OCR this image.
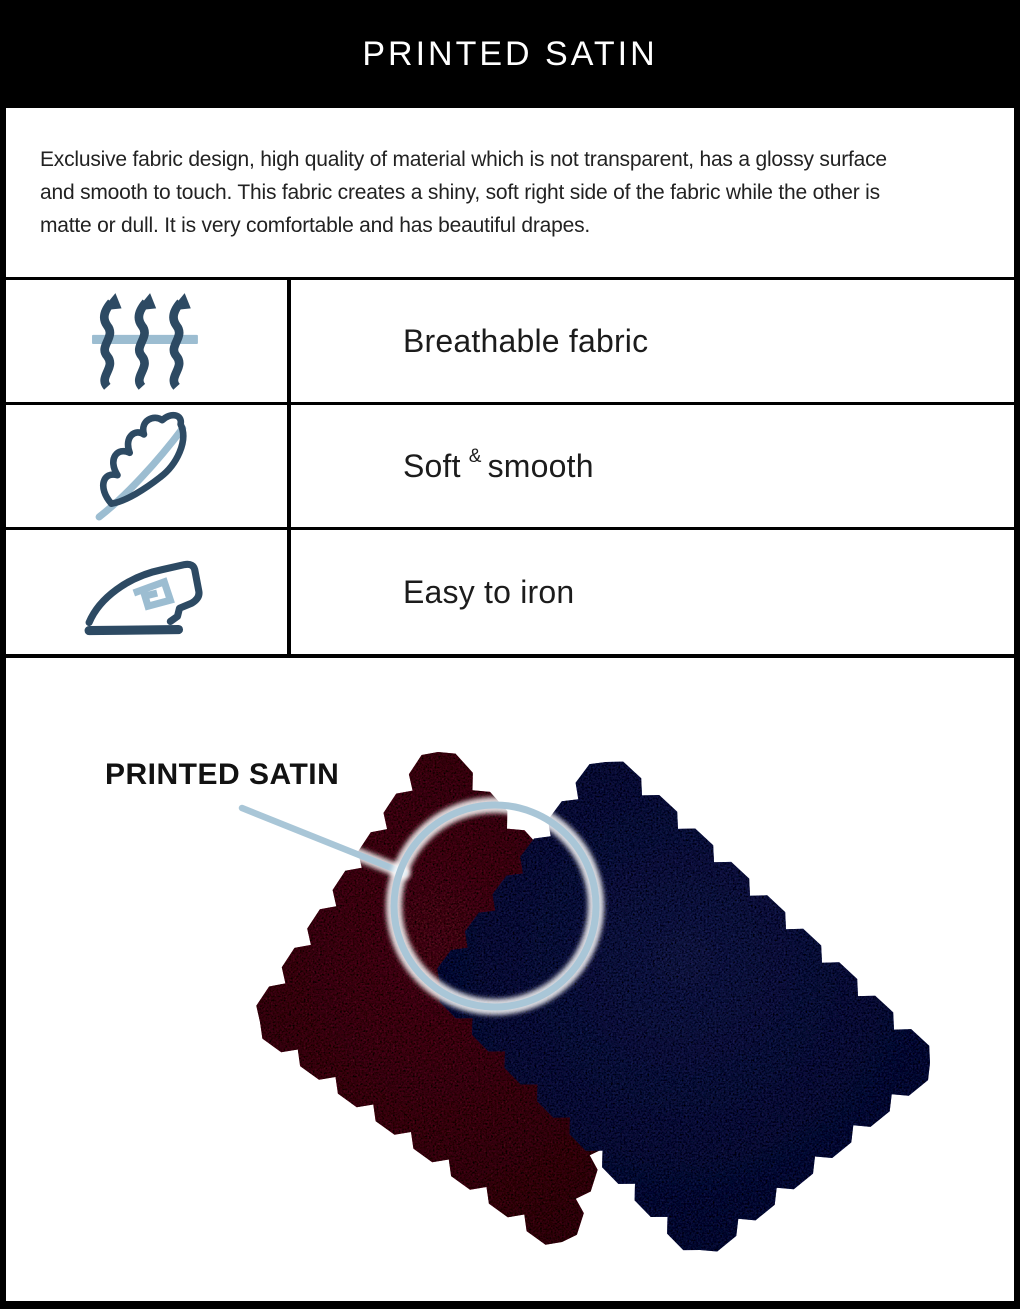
PRINTED SATIN
Exclusive fabric design, high quality of material which is not transparent, has a glossy surface
and smooth to touch. This fabric creates a shiny, soft right side of the fabric while the other is
matte or dull. It is very comfortable and has beautiful drapes.
Breathable fabric
Soft & smooth
Easy to iron
PRINTED SATIN
